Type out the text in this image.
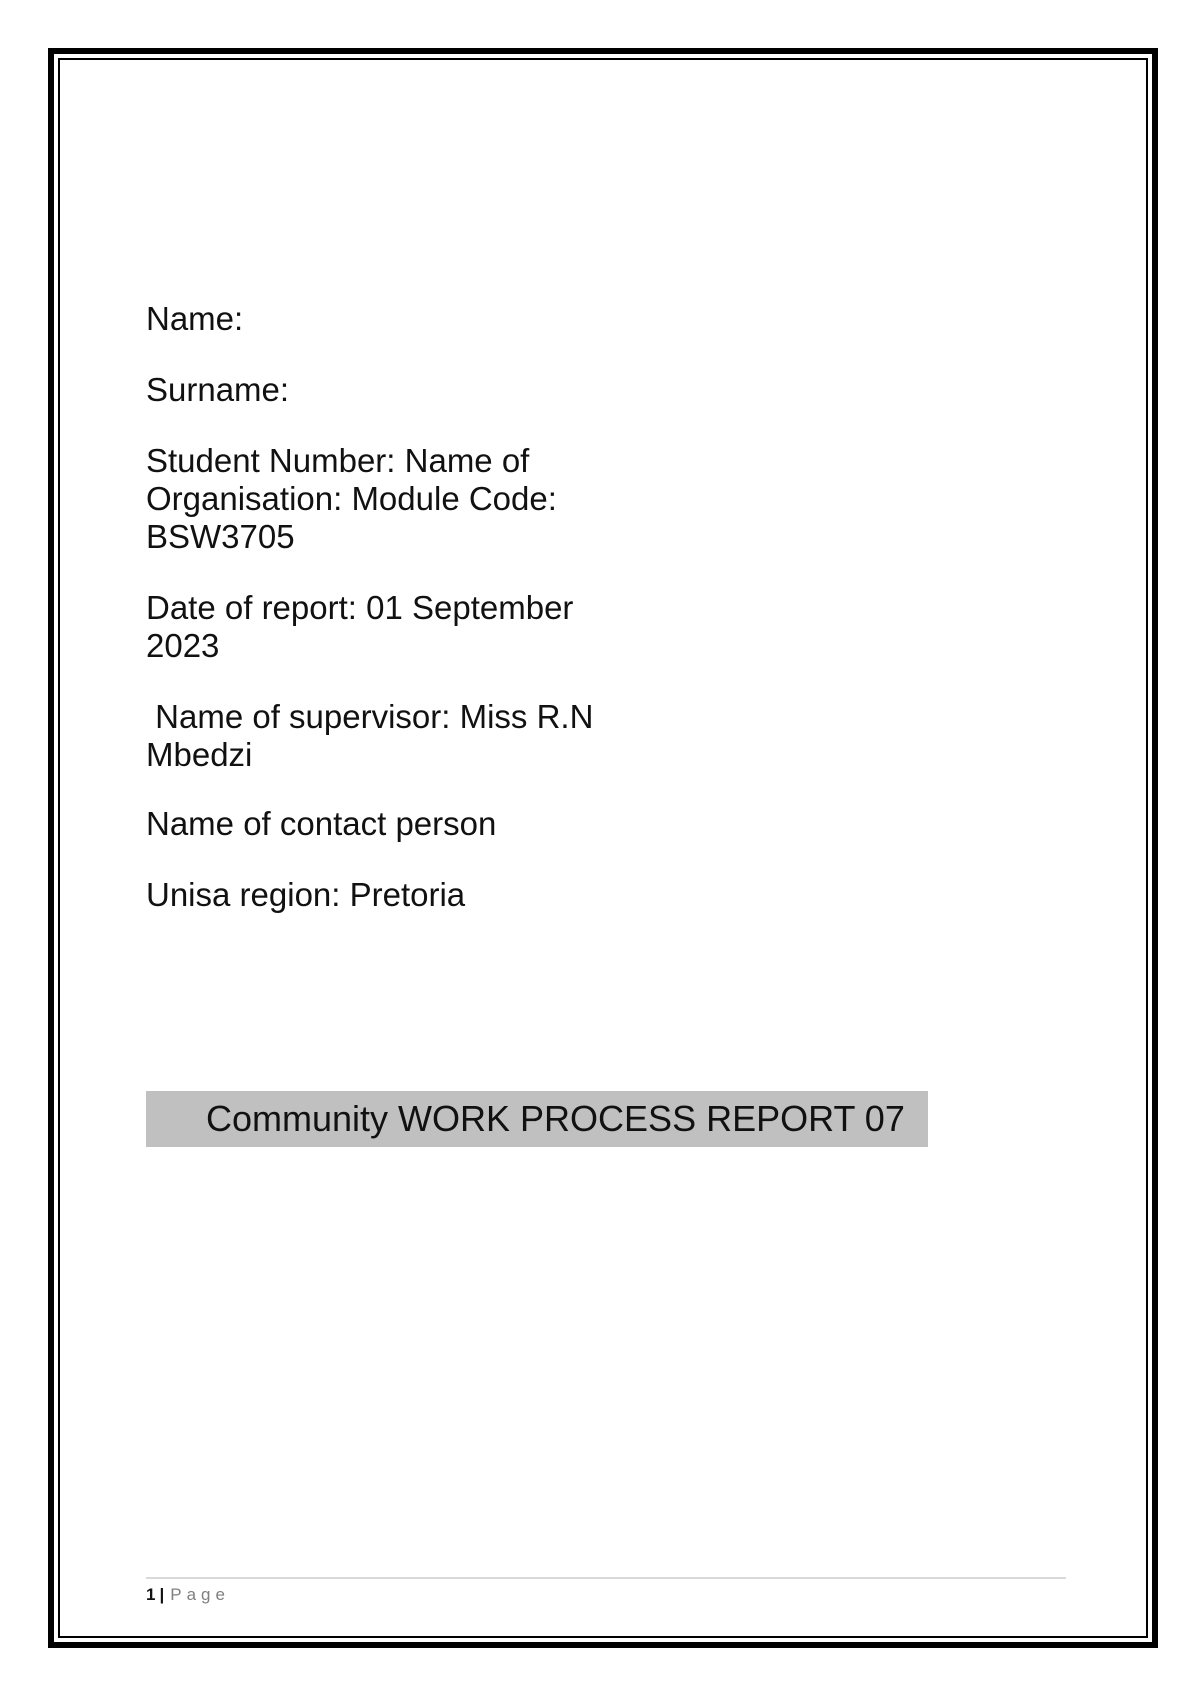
Name:
Surname:
Student Number: Name of
Organisation: Module Code:
BSW3705
Date of report: 01 September
2023
Name of supervisor: Miss R.N
Mbedzi
Name of contact person
Unisa region: Pretoria
Community WORK PROCESS REPORT 07
1 | Page
